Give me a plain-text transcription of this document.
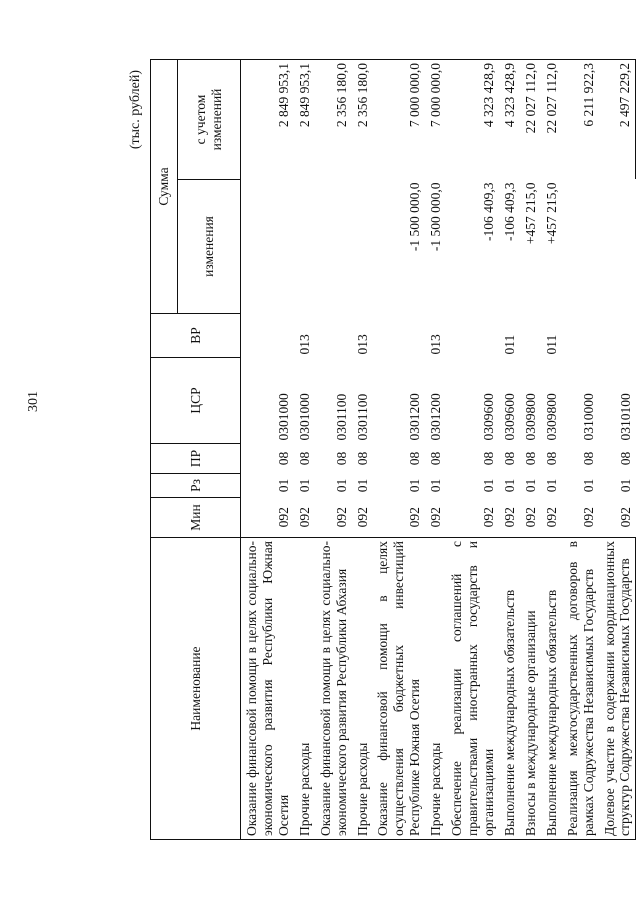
301
(тыс. рублей)
Наименование	Мин	Рз	ПР	ЦСР	ВР	Сумма	
						изменения	с учетом изменений
Оказание финансовой помощи в целях социально-экономического развития Республики Южная Осетия	092	01	08	0301000			2 849 953,1
Прочие расходы	092	01	08	0301000	013		2 849 953,1
Оказание финансовой помощи в целях социально-экономического развития Республики Абхазия	092	01	08	0301100			2 356 180,0
Прочие расходы	092	01	08	0301100	013		2 356 180,0
Оказание финансовой помощи в целях осуществления бюджетных инвестиций Республике Южная Осетия	092	01	08	0301200		-1 500 000,0	7 000 000,0
Прочие расходы	092	01	08	0301200	013	-1 500 000,0	7 000 000,0
Обеспечение реализации соглашений с правительствами иностранных государств и организациями	092	01	08	0309600		-106 409,3	4 323 428,9
Выполнение международных обязательств	092	01	08	0309600	011	-106 409,3	4 323 428,9
Взносы в международные организации	092	01	08	0309800		+457 215,0	22 027 112,0
Выполнение международных обязательств	092	01	08	0309800	011	+457 215,0	22 027 112,0
Реализация межгосударственных договоров в рамках Содружества Независимых Государств	092	01	08	0310000			6 211 922,3
Долевое участие в содержании координационных структур Содружества Независимых Государств	092	01	08	0310100			2 497 229,2
